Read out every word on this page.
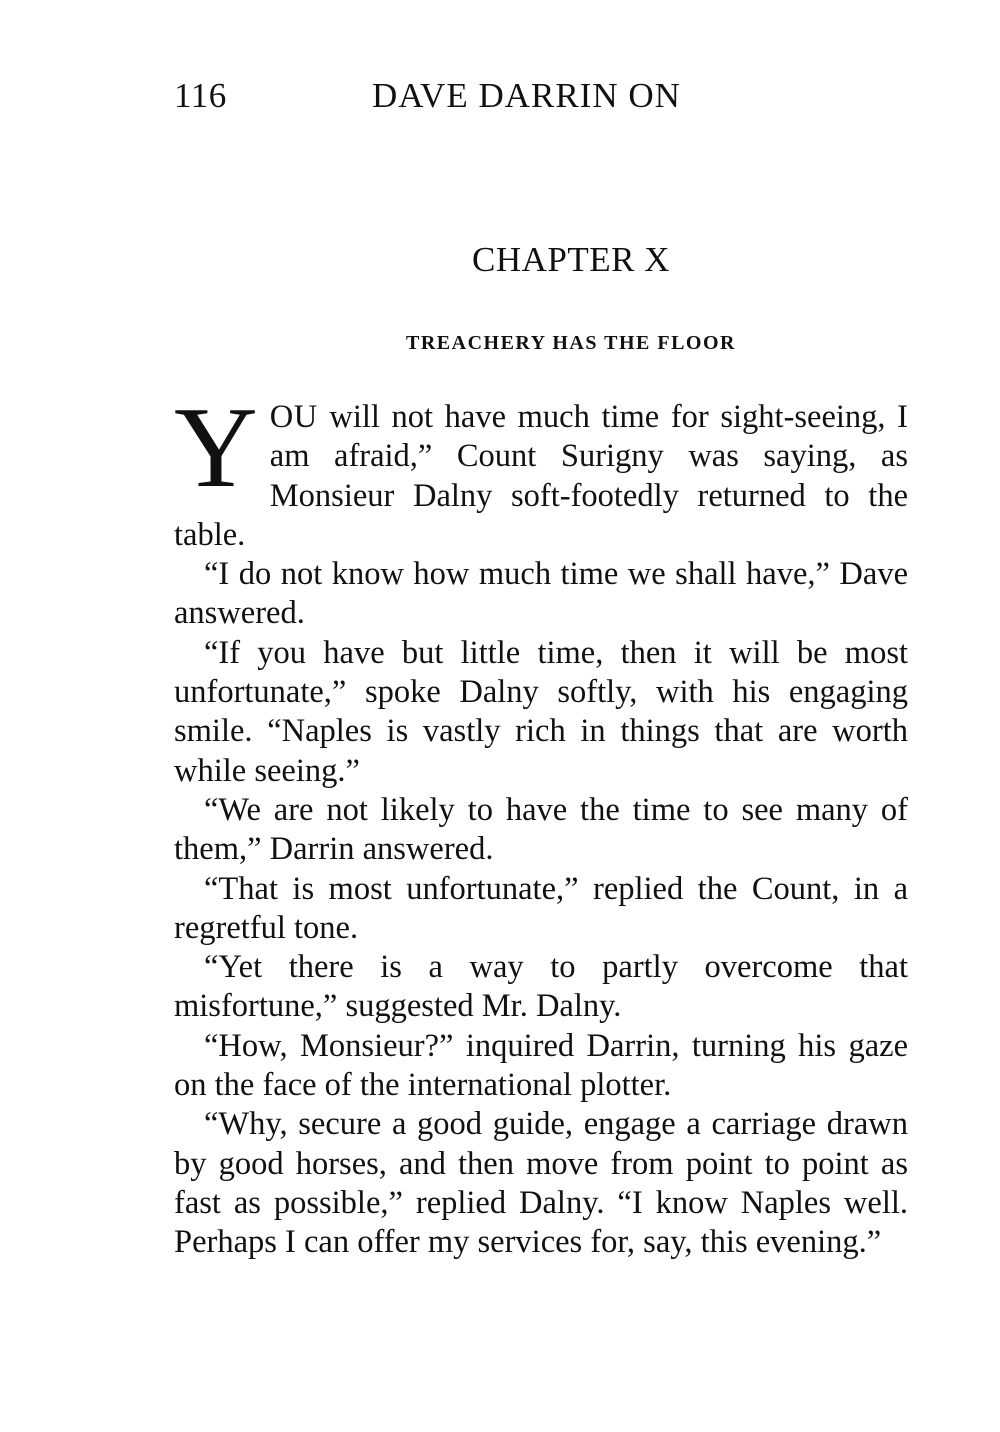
116	DAVE DARRIN ON
CHAPTER X
TREACHERY HAS THE FLOOR

YOU will not have much time for sight-seeing, I am afraid,” Count Surigny was saying, as Monsieur Dalny soft-footedly returned to the table.

“I do not know how much time we shall have,” Dave answered.

“If you have but little time, then it will be most unfortunate,” spoke Dalny softly, with his engaging smile. “Naples is vastly rich in things that are worth while seeing.”

“We are not likely to have the time to see many of them,” Darrin answered.

“That is most unfortunate,” replied the Count, in a regretful tone.

“Yet there is a way to partly overcome that misfortune,” suggested Mr. Dalny.

“How, Monsieur?” inquired Darrin, turning his gaze on the face of the international plotter.

“Why, secure a good guide, engage a carriage drawn by good horses, and then move from point to point as fast as possible,” replied Dalny. “I know Naples well. Perhaps I can offer my services for, say, this evening.”
